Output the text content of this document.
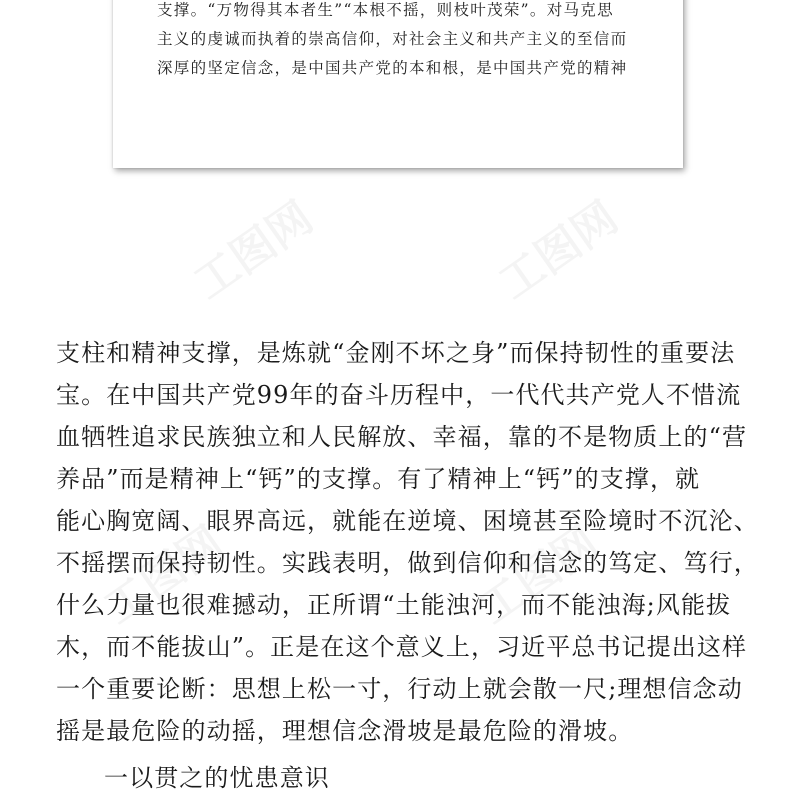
支撑。“万物得其本者生”“本根不摇，则枝叶茂荣”。对马克思
主义的虔诚而执着的崇高信仰，对社会主义和共产主义的至信而
深厚的坚定信念，是中国共产党的本和根，是中国共产党的精神
支柱和精神支撑，是炼就“金刚不坏之身”而保持韧性的重要法
宝。在中国共产党99年的奋斗历程中，一代代共产党人不惜流
血牺牲追求民族独立和人民解放、幸福，靠的不是物质上的“营
养品”而是精神上“钙”的支撑。有了精神上“钙”的支撑，就
能心胸宽阔、眼界高远，就能在逆境、困境甚至险境时不沉沦、
不摇摆而保持韧性。实践表明，做到信仰和信念的笃定、笃行，
什么力量也很难撼动，正所谓“土能浊河，而不能浊海;风能拔
木，而不能拔山”。正是在这个意义上，习近平总书记提出这样
一个重要论断：思想上松一寸，行动上就会散一尺;理想信念动
摇是最危险的动摇，理想信念滑坡是最危险的滑坡。
一以贯之的忧患意识
